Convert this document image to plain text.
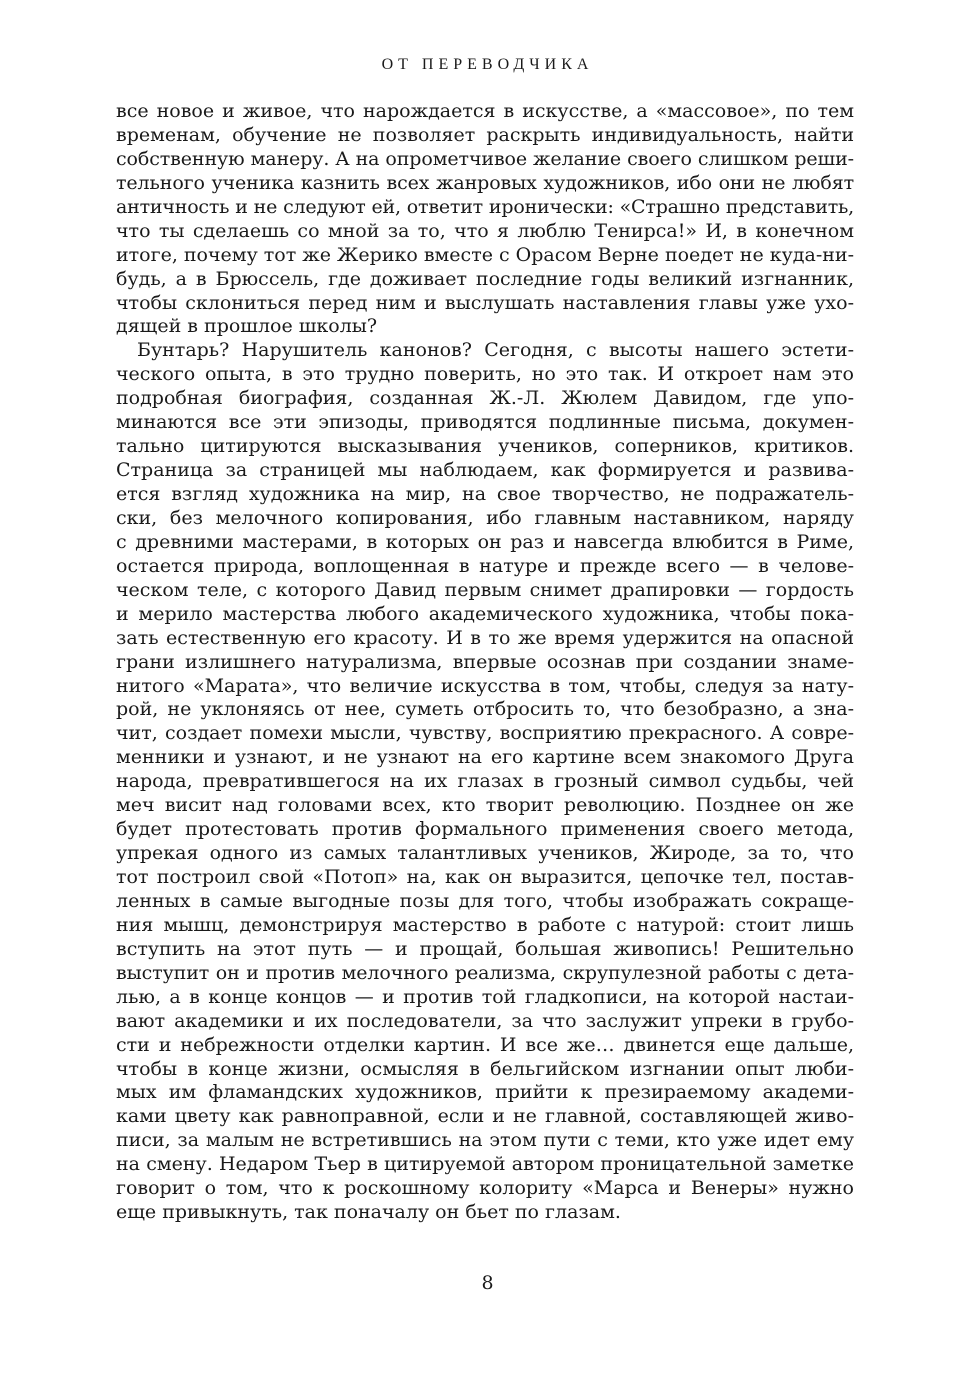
ОТ ПЕРЕВОДЧИКА
все новое и живое, что нарождается в искусстве, а «массовое», по тем
временам, обучение не позволяет раскрыть индивидуальность, найти
собственную манеру. А на опрометчивое желание своего слишком реши-
тельного ученика казнить всех жанровых художников, ибо они не любят
античность и не следуют ей, ответит иронически: «Страшно представить,
что ты сделаешь со мной за то, что я люблю Тенирса!» И, в конечном
итоге, почему тот же Жерико вместе с Орасом Верне поедет не куда-ни-
будь, а в Брюссель, где доживает последние годы великий изгнанник,
чтобы склониться перед ним и выслушать наставления главы уже ухо-
дящей в прошлое школы?
Бунтарь? Нарушитель канонов? Сегодня, с высоты нашего эстети-
ческого опыта, в это трудно поверить, но это так. И откроет нам это
подробная биография, созданная Ж.-Л. Жюлем Давидом, где упо-
минаются все эти эпизоды, приводятся подлинные письма, докумен-
тально цитируются высказывания учеников, соперников, критиков.
Страница за страницей мы наблюдаем, как формируется и развива-
ется взгляд художника на мир, на свое творчество, не подражатель-
ски, без мелочного копирования, ибо главным наставником, наряду
с древними мастерами, в которых он раз и навсегда влюбится в Риме,
остается природа, воплощенная в натуре и прежде всего — в челове-
ческом теле, с которого Давид первым снимет драпировки — гордость
и мерило мастерства любого академического художника, чтобы пока-
зать естественную его красоту. И в то же время удержится на опасной
грани излишнего натурализма, впервые осознав при создании знаме-
нитого «Марата», что величие искусства в том, чтобы, следуя за нату-
рой, не уклоняясь от нее, суметь отбросить то, что безобразно, а зна-
чит, создает помехи мысли, чувству, восприятию прекрасного. А совре-
менники и узнают, и не узнают на его картине всем знакомого Друга
народа, превратившегося на их глазах в грозный символ судьбы, чей
меч висит над головами всех, кто творит революцию. Позднее он же
будет протестовать против формального применения своего метода,
упрекая одного из самых талантливых учеников, Жироде, за то, что
тот построил свой «Потоп» на, как он выразится, цепочке тел, постав-
ленных в самые выгодные позы для того, чтобы изображать сокраще-
ния мышц, демонстрируя мастерство в работе с натурой: стоит лишь
вступить на этот путь — и прощай, большая живопись! Решительно
выступит он и против мелочного реализма, скрупулезной работы с дета-
лью, а в конце концов — и против той гладкописи, на которой настаи-
вают академики и их последователи, за что заслужит упреки в грубо-
сти и небрежности отделки картин. И все же… двинется еще дальше,
чтобы в конце жизни, осмысляя в бельгийском изгнании опыт люби-
мых им фламандских художников, прийти к презираемому академи-
ками цвету как равноправной, если и не главной, составляющей живо-
писи, за малым не встретившись на этом пути с теми, кто уже идет ему
на смену. Недаром Тьер в цитируемой автором проницательной заметке
говорит о том, что к роскошному колориту «Марса и Венеры» нужно
еще привыкнуть, так поначалу он бьет по глазам.
8
